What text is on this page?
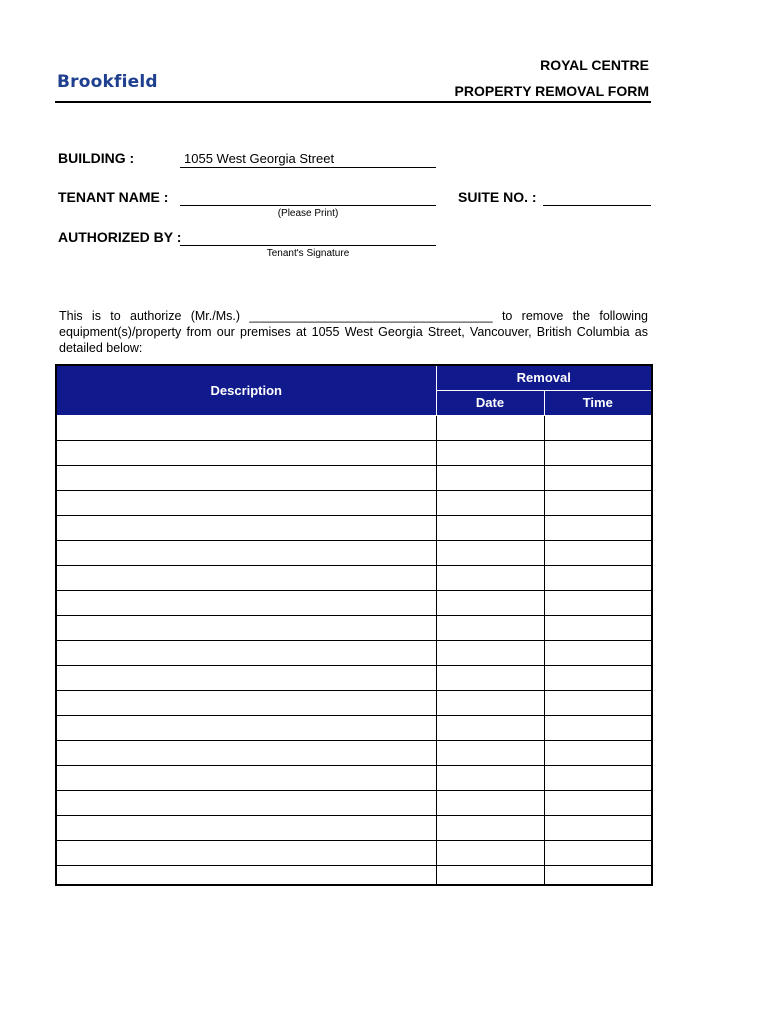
Brookfield
ROYAL CENTRE
PROPERTY REMOVAL FORM
BUILDING :	1055 West Georgia Street
TENANT NAME :
(Please Print)
SUITE NO. :
AUTHORIZED BY :
Tenant's Signature

This is to authorize (Mr./Ms.) ___________________________________ to remove the following equipment(s)/property from our premises at 1055 West Georgia Street, Vancouver, British Columbia as detailed below:

Description	Removal	
	Date	Time
